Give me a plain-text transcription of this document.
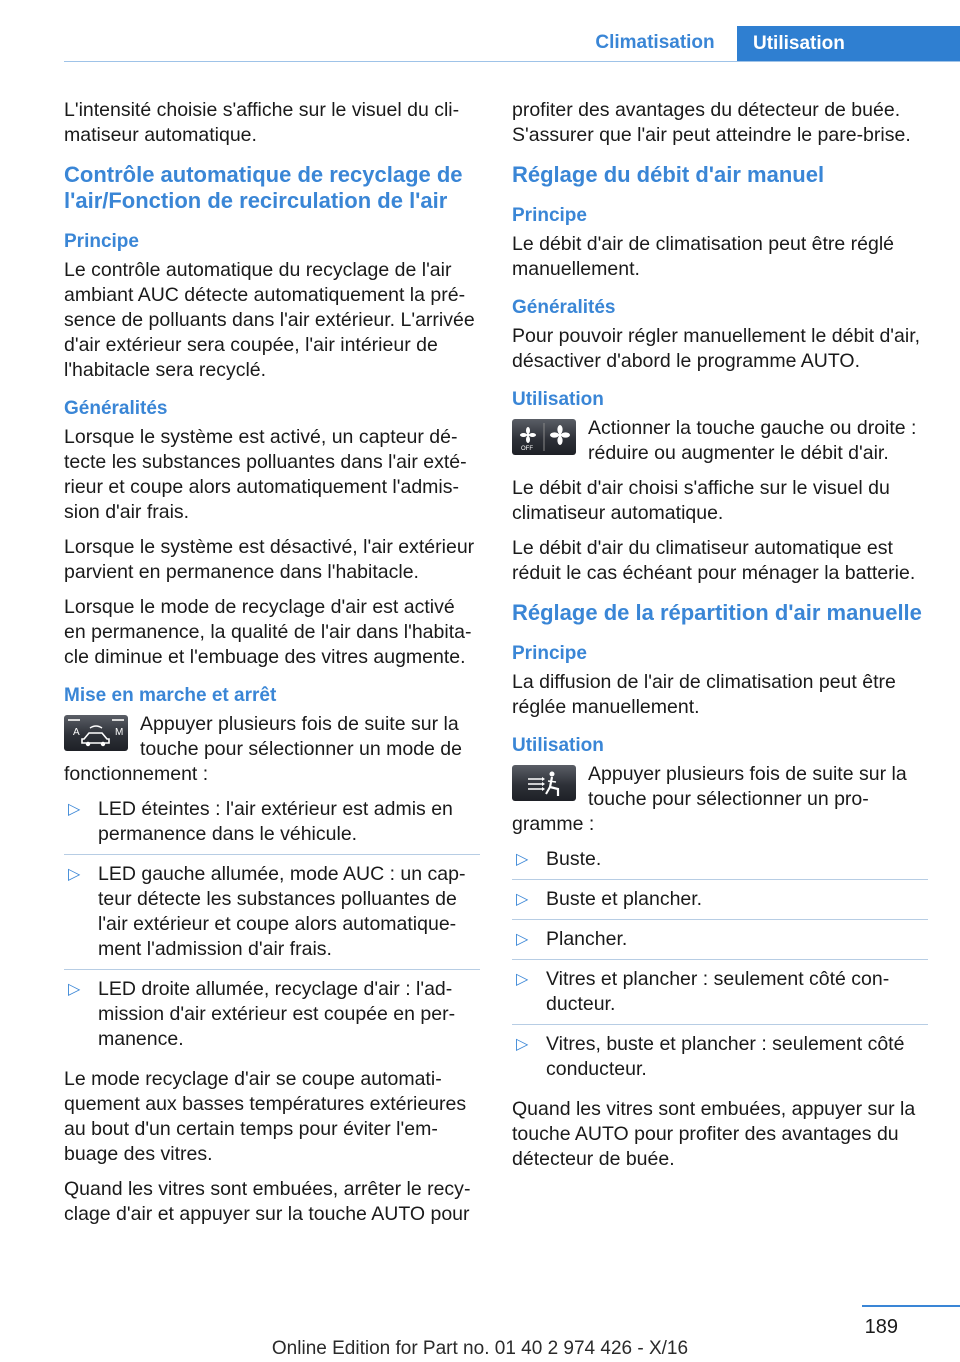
Climatisation	Utilisation

L'intensité choisie s'affiche sur le visuel du climatiseur automatique.

Contrôle automatique de recyclage de l'air/Fonction de recirculation de l'air
Principe

Le contrôle automatique du recyclage de l'air ambiant AUC détecte automatiquement la présence de polluants dans l'air extérieur. L'arrivée d'air extérieur sera coupée, l'air intérieur de l'habitacle sera recyclé.

Généralités

Lorsque le système est activé, un capteur détecte les substances polluantes dans l'air extérieur et coupe alors automatiquement l'admission d'air frais.

Lorsque le système est désactivé, l'air extérieur parvient en permanence dans l'habitacle.

Lorsque le mode de recyclage d'air est activé en permanence, la qualité de l'air dans l'habitacle diminue et l'embuage des vitres augmente.

Mise en marche et arrêt
A	M Appuyer plusieurs fois de suite sur la touche pour sélectionner un mode de fonctionnement :

▷ LED éteintes : l'air extérieur est admis en permanence dans le véhicule.
▷ LED gauche allumée, mode AUC : un capteur détecte les substances polluantes de l'air extérieur et coupe alors automatiquement l'admission d'air frais.
▷ LED droite allumée, recyclage d'air : l'admission d'air extérieur est coupée en permanence.

Le mode recyclage d'air se coupe automatiquement aux basses températures extérieures au bout d'un certain temps pour éviter l'embuage des vitres.

Quand les vitres sont embuées, arrêter le recyclage d'air et appuyer sur la touche AUTO pour

profiter des avantages du détecteur de buée. S'assurer que l'air peut atteindre le pare-brise.

Réglage du débit d'air manuel
Principe

Le débit d'air de climatisation peut être réglé manuellement.

Généralités

Pour pouvoir régler manuellement le débit d'air, désactiver d'abord le programme AUTO.

Utilisation
OFF

Actionner la touche gauche ou droite : réduire ou augmenter le débit d'air.

Le débit d'air choisi s'affiche sur le visuel du climatiseur automatique.

Le débit d'air du climatiseur automatique est réduit le cas échéant pour ménager la batterie.

Réglage de la répartition d'air manuelle
Principe

La diffusion de l'air de climatisation peut être réglée manuellement.

Utilisation

Appuyer plusieurs fois de suite sur la touche pour sélectionner un programme :

▷ Buste.
▷ Buste et plancher.
▷ Plancher.
▷ Vitres et plancher : seulement côté conducteur.
▷ Vitres, buste et plancher : seulement côté conducteur.

Quand les vitres sont embuées, appuyer sur la touche AUTO pour profiter des avantages du détecteur de buée.

189
Online Edition for Part no. 01 40 2 974 426 - X/16
